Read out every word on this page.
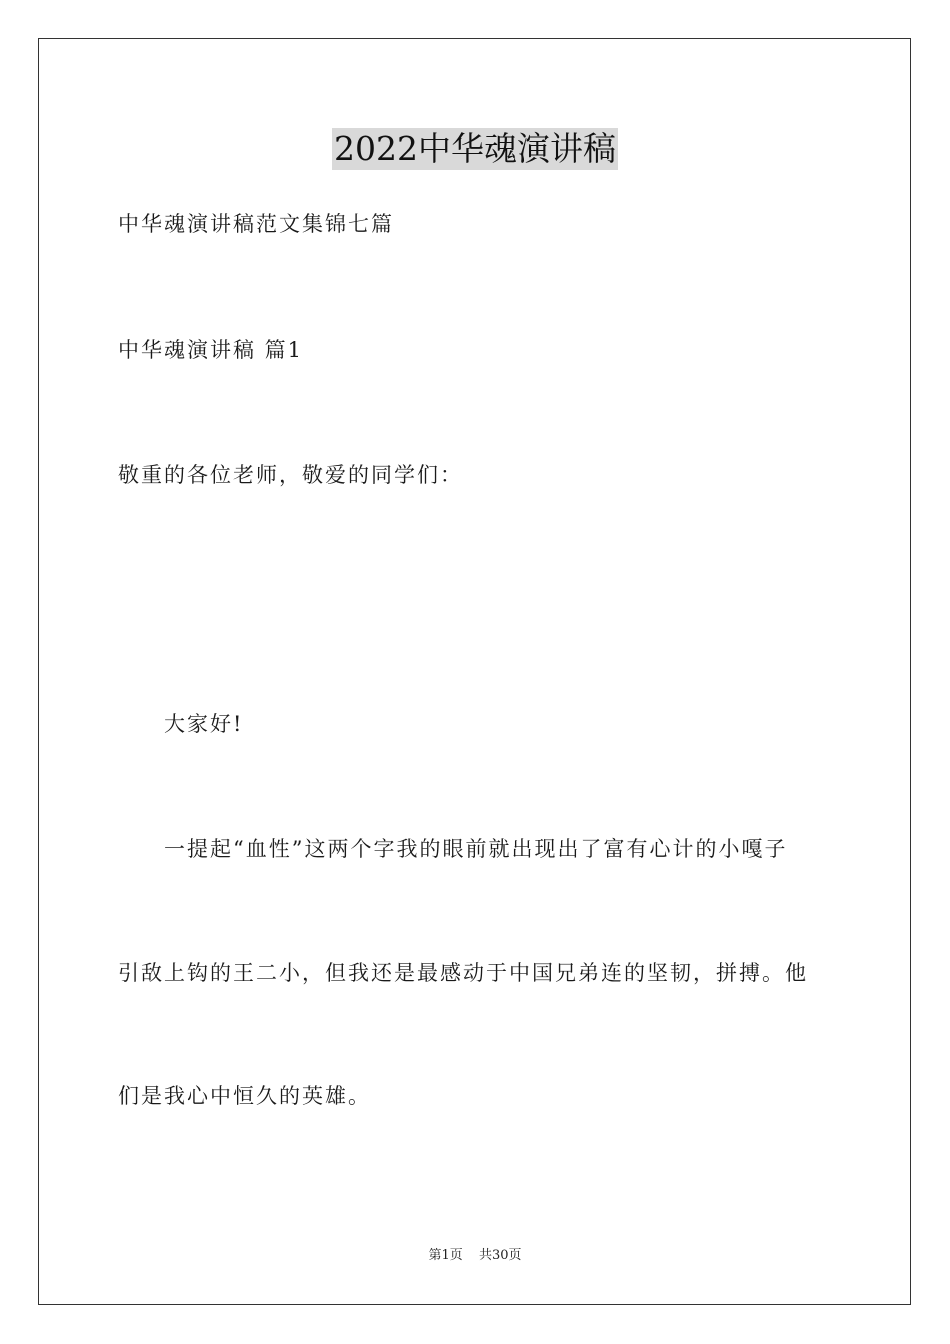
2022中华魂演讲稿
中华魂演讲稿范文集锦七篇
中华魂演讲稿 篇1
敬重的各位老师，敬爱的同学们：
大家好!
一提起“血性”这两个字我的眼前就出现出了富有心计的小嘎子
引敌上钩的王二小，但我还是最感动于中国兄弟连的坚韧，拼搏。他
们是我心中恒久的英雄。
第1页 共30页
